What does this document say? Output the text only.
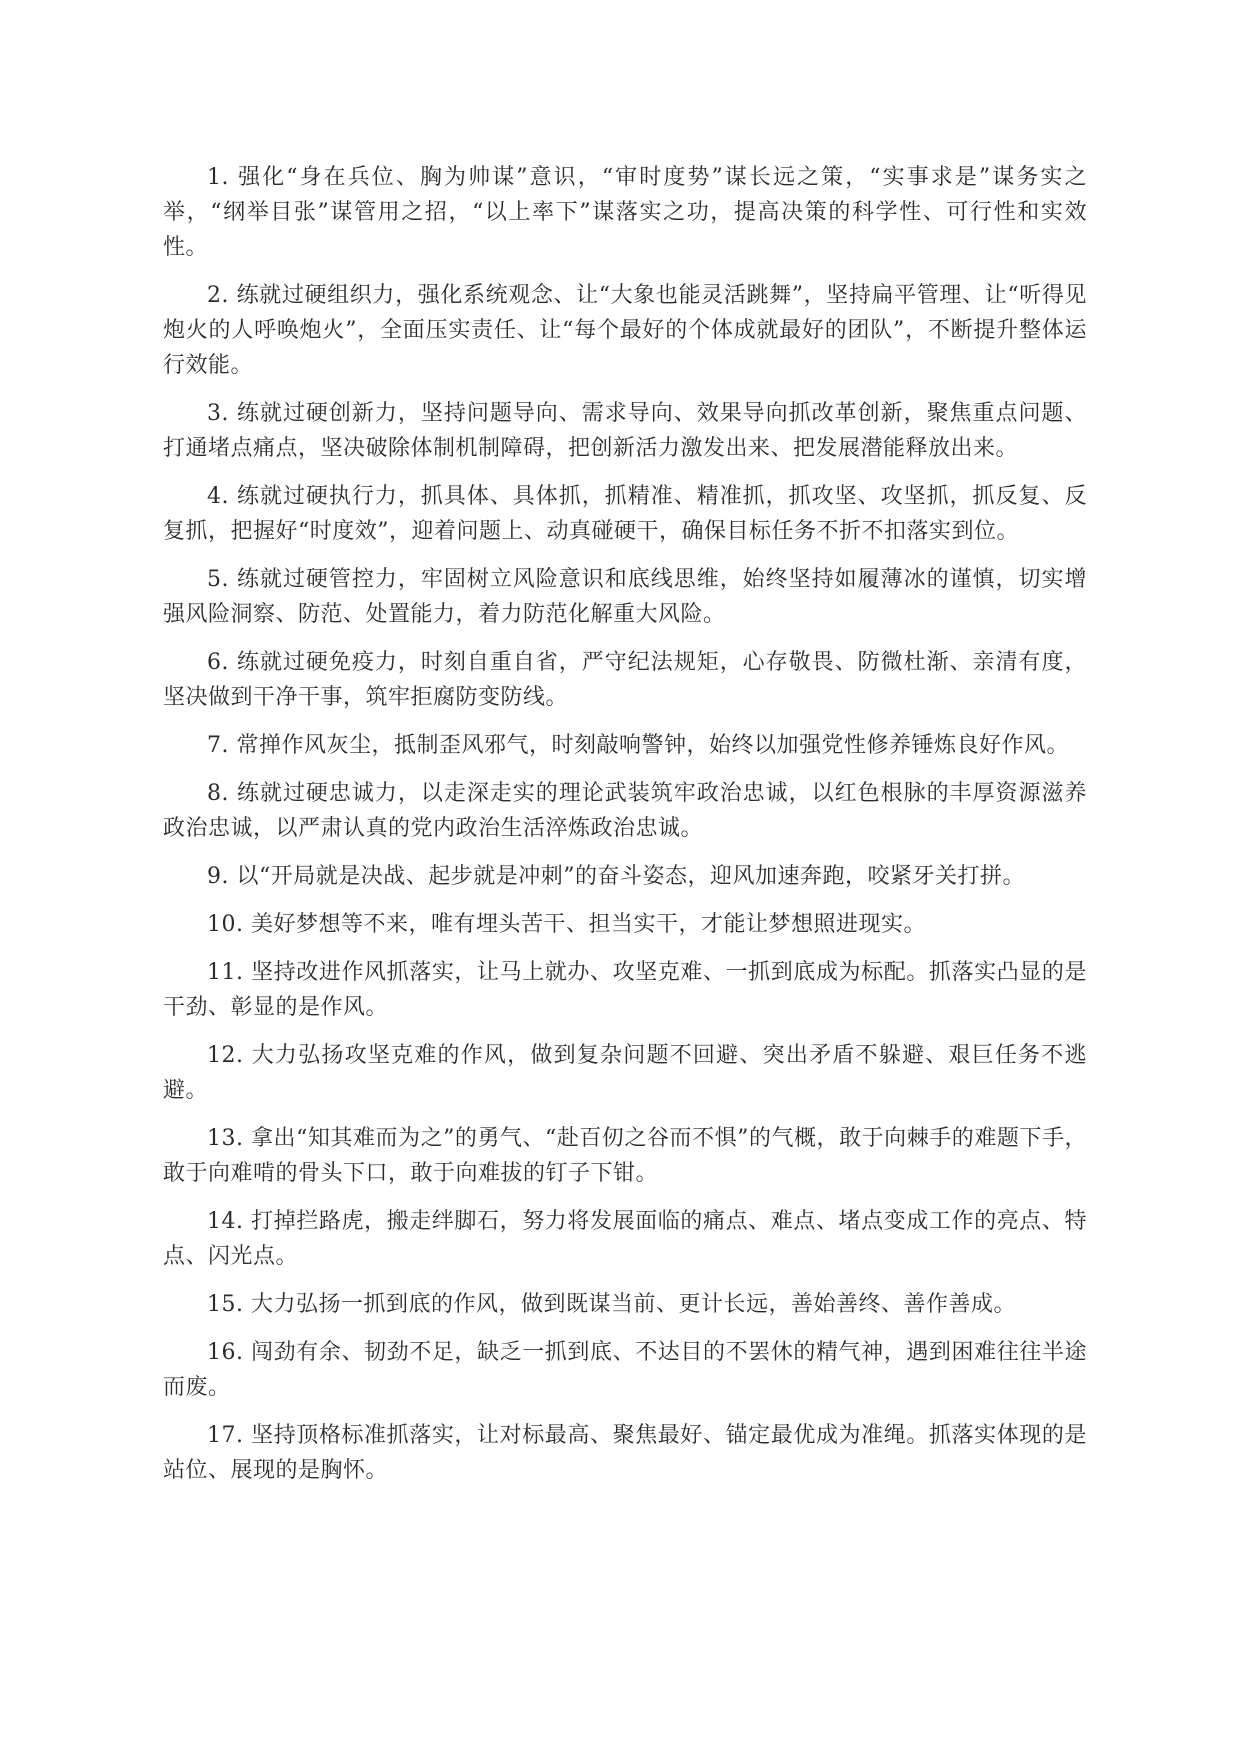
1. 强化“身在兵位、胸为帅谋”意识，“审时度势”谋长远之策，“实事求是”谋务实之举，“纲举目张”谋管用之招，“以上率下”谋落实之功，提高决策的科学性、可行性和实效性。

2. 练就过硬组织力，强化系统观念、让“大象也能灵活跳舞”，坚持扁平管理、让“听得见炮火的人呼唤炮火”，全面压实责任、让“每个最好的个体成就最好的团队”，不断提升整体运行效能。

3. 练就过硬创新力，坚持问题导向、需求导向、效果导向抓改革创新，聚焦重点问题、打通堵点痛点，坚决破除体制机制障碍，把创新活力激发出来、把发展潜能释放出来。

4. 练就过硬执行力，抓具体、具体抓，抓精准、精准抓，抓攻坚、攻坚抓，抓反复、反复抓，把握好“时度效”，迎着问题上、动真碰硬干，确保目标任务不折不扣落实到位。

5. 练就过硬管控力，牢固树立风险意识和底线思维，始终坚持如履薄冰的谨慎，切实增强风险洞察、防范、处置能力，着力防范化解重大风险。

6. 练就过硬免疫力，时刻自重自省，严守纪法规矩，心存敬畏、防微杜渐、亲清有度，坚决做到干净干事，筑牢拒腐防变防线。

7. 常掸作风灰尘，抵制歪风邪气，时刻敲响警钟，始终以加强党性修养锤炼良好作风。

8. 练就过硬忠诚力，以走深走实的理论武装筑牢政治忠诚，以红色根脉的丰厚资源滋养政治忠诚，以严肃认真的党内政治生活淬炼政治忠诚。

9. 以“开局就是决战、起步就是冲刺”的奋斗姿态，迎风加速奔跑，咬紧牙关打拼。

10. 美好梦想等不来，唯有埋头苦干、担当实干，才能让梦想照进现实。

11. 坚持改进作风抓落实，让马上就办、攻坚克难、一抓到底成为标配。抓落实凸显的是干劲、彰显的是作风。

12. 大力弘扬攻坚克难的作风，做到复杂问题不回避、突出矛盾不躲避、艰巨任务不逃避。

13. 拿出“知其难而为之”的勇气、“赴百仞之谷而不惧”的气概，敢于向棘手的难题下手，敢于向难啃的骨头下口，敢于向难拔的钉子下钳。

14. 打掉拦路虎，搬走绊脚石，努力将发展面临的痛点、难点、堵点变成工作的亮点、特点、闪光点。

15. 大力弘扬一抓到底的作风，做到既谋当前、更计长远，善始善终、善作善成。

16. 闯劲有余、韧劲不足，缺乏一抓到底、不达目的不罢休的精气神，遇到困难往往半途而废。

17. 坚持顶格标准抓落实，让对标最高、聚焦最好、锚定最优成为准绳。抓落实体现的是站位、展现的是胸怀。
